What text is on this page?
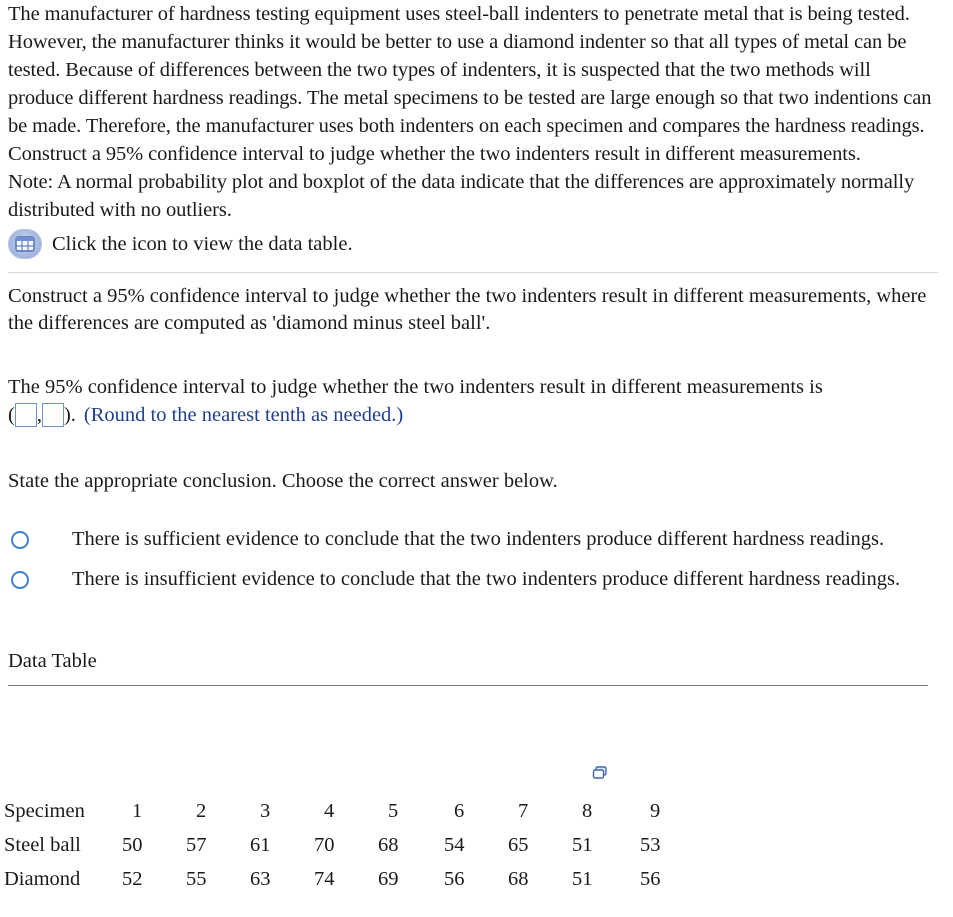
The manufacturer of hardness testing equipment uses steel-ball indenters to penetrate metal that is being tested. However, the manufacturer thinks it would be better to use a diamond indenter so that all types of metal can be tested. Because of differences between the two types of indenters, it is suspected that the two methods will produce different hardness readings. The metal specimens to be tested are large enough so that two indentions can be made. Therefore, the manufacturer uses both indenters on each specimen and compares the hardness readings. Construct a 95% confidence interval to judge whether the two indenters result in different measurements.

Note: A normal probability plot and boxplot of the data indicate that the differences are approximately normally distributed with no outliers.

Click the icon to view the data table.
Construct a 95% confidence interval to judge whether the two indenters result in different measurements, where the differences are computed as 'diamond minus steel ball'.
The 95% confidence interval to judge whether the two indenters result in different measurements is
( , ). (Round to the nearest tenth as needed.)
State the appropriate conclusion. Choose the correct answer below.
There is sufficient evidence to conclude that the two indenters produce different hardness readings.
There is insufficient evidence to conclude that the two indenters produce different hardness readings.
Data Table
Specimen	1	2	3	4	5	6	7	8	9
Steel ball	50	57	61	70	68	54	65	51	53
Diamond	52	55	63	74	69	56	68	51	56
